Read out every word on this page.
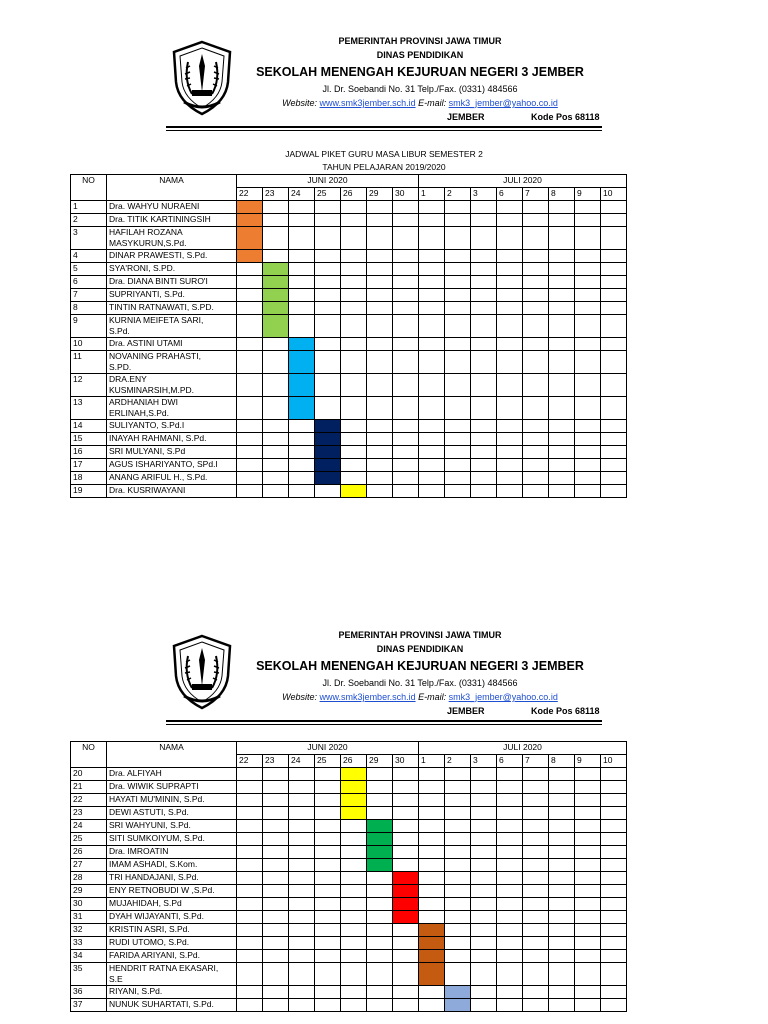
PEMERINTAH PROVINSI JAWA TIMUR
DINAS PENDIDIKAN
SEKOLAH MENENGAH KEJURUAN NEGERI 3 JEMBER
Jl. Dr. Soebandi No. 31 Telp./Fax. (0331) 484566
Website: www.smk3jember.sch.id E-mail: smk3_jember@yahoo.co.id
JEMBER	Kode Pos 68118
JADWAL PIKET GURU MASA LIBUR SEMESTER 2
TAHUN PELAJARAN 2019/2020
NO	NAMA	JUNI 2020							JULI 2020							
		22	23	24	25	26	29	30	1	2	3	6	7	8	9	10
1	Dra. WAHYU NURAENI															

2	Dra. TITIK KARTININGSIH															

3	HAFILAH ROZANA
MASYKURUN,S.Pd.															

4	DINAR PRAWESTI, S.Pd.															

5	SYA'RONI, S.PD.															

6	Dra. DIANA BINTI SURO'I															

7	SUPRIYANTI, S.Pd.															

8	TINTIN RATNAWATI, S.PD.															

9	KURNIA MEIFETA SARI,
S.Pd.															

10	Dra. ASTINI UTAMI															

11	NOVANING PRAHASTI,
S.PD.															

12	DRA.ENY
KUSMINARSIH,M.PD.															

13	ARDHANIAH DWI
ERLINAH,S.Pd.															

14	SULIYANTO, S.Pd.I															

15	INAYAH RAHMANI, S.Pd.															

16	SRI MULYANI, S.Pd															

17	AGUS ISHARIYANTO, SPd.I															

18	ANANG ARIFUL H., S.Pd.															

19	Dra. KUSRIWAYANI															

PEMERINTAH PROVINSI JAWA TIMUR
DINAS PENDIDIKAN
SEKOLAH MENENGAH KEJURUAN NEGERI 3 JEMBER
Jl. Dr. Soebandi No. 31 Telp./Fax. (0331) 484566
Website: www.smk3jember.sch.id E-mail: smk3_jember@yahoo.co.id
JEMBER	Kode Pos 68118
NO	NAMA	JUNI 2020							JULI 2020							
		22	23	24	25	26	29	30	1	2	3	6	7	8	9	10
20	Dra. ALFIYAH															

21	Dra. WIWIK SUPRAPTI															

22	HAYATI MU'MININ, S.Pd.															

23	DEWI ASTUTI, S.Pd.															

24	SRI WAHYUNI, S.Pd.															

25	SITI SUMKOIYUM, S.Pd.															

26	Dra. IMROATIN															

27	IMAM ASHADI, S.Kom.															

28	TRI HANDAJANI, S.Pd.															

29	ENY RETNOBUDI W ,S.Pd.															

30	MUJAHIDAH, S.Pd															

31	DYAH WIJAYANTI, S.Pd.															

32	KRISTIN ASRI, S.Pd.															

33	RUDI UTOMO, S.Pd.															

34	FARIDA ARIYANI, S.Pd.															

35	HENDRIT RATNA EKASARI,
S.E															

36	RIYANI, S.Pd.															

37	NUNUK SUHARTATI, S.Pd.															
